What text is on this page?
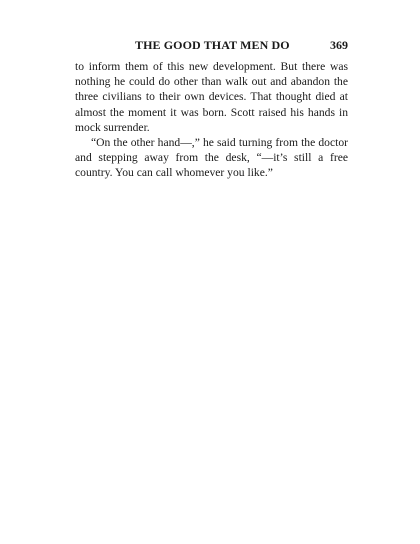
THE GOOD THAT MEN DO	369

to inform them of this new development. But there was nothing he could do other than walk out and abandon the three civilians to their own devices. That thought died at almost the moment it was born. Scott raised his hands in mock surrender.

“On the other hand—,” he said turning from the doctor and stepping away from the desk, “—it’s still a free country. You can call whomever you like.”
